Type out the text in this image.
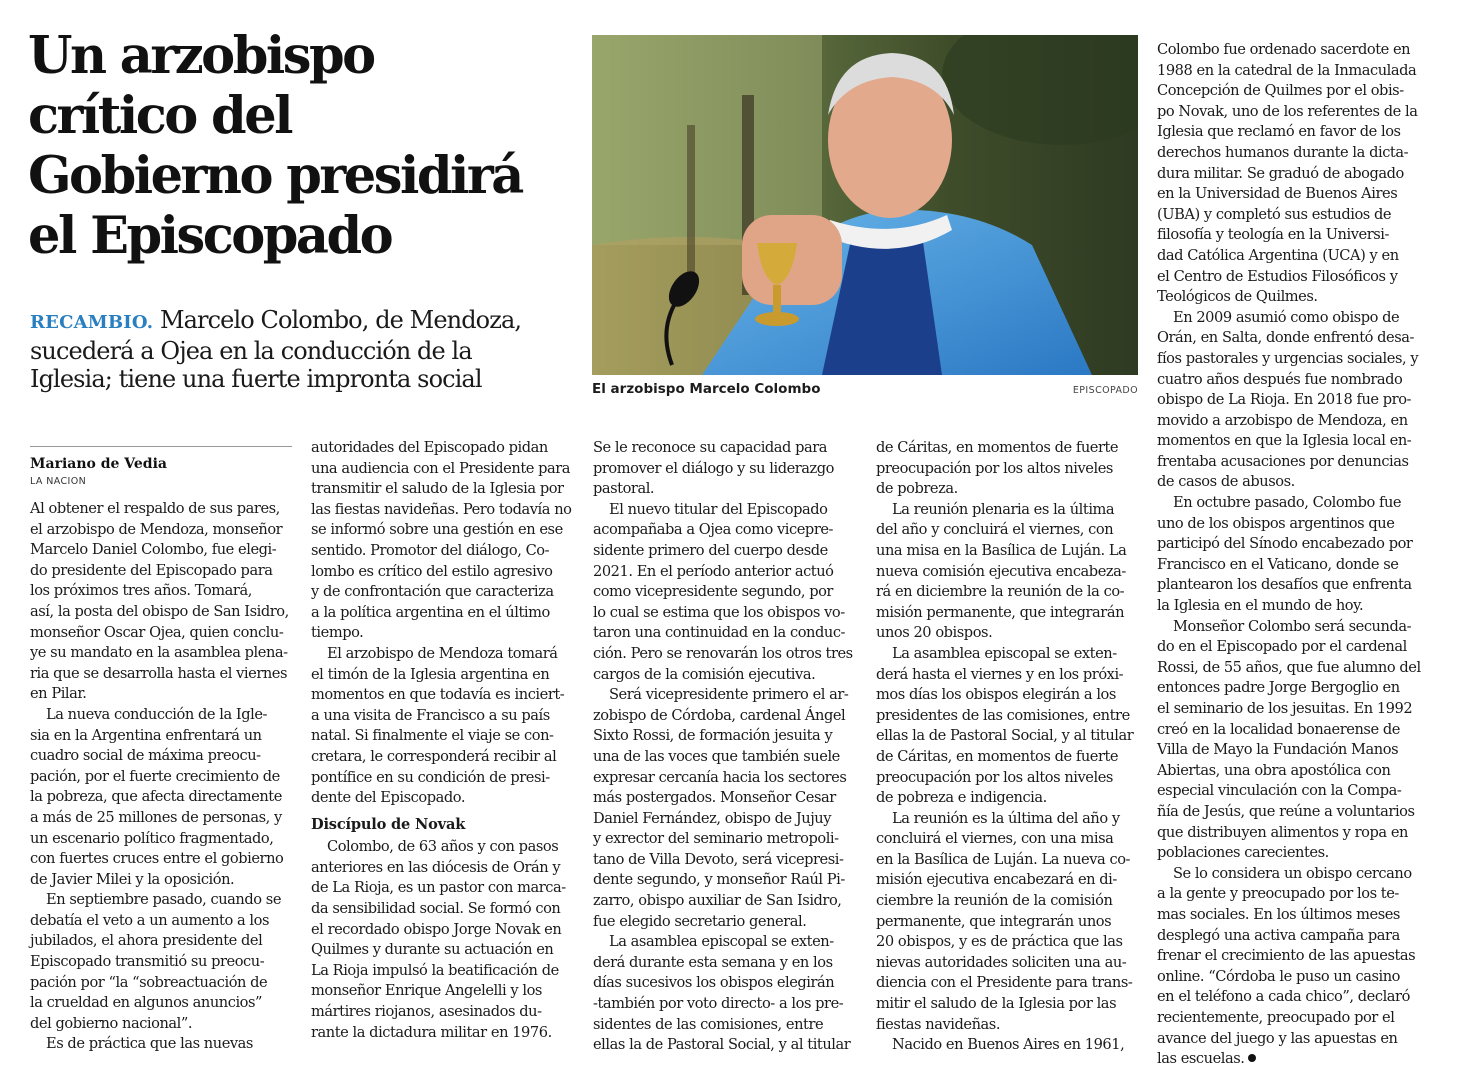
Un arzobispo
crítico del
Gobierno presidirá
el Episcopado
RECAMBIO. Marcelo Colombo, de Mendoza,
sucederá a Ojea en la conducción de la
Iglesia; tiene una fuerte impronta social	El arzobispo Marcelo Colombo	EPISCOPADO
Mariano de Vedia
LA NACION
Al obtener el respaldo de sus pares,
el arzobispo de Mendoza, monseñor
Marcelo Daniel Colombo, fue elegi-
do presidente del Episcopado para
los próximos tres años. Tomará,
así, la posta del obispo de San Isidro,
monseñor Oscar Ojea, quien conclu-
ye su mandato en la asamblea plena-
ria que se desarrolla hasta el viernes
en Pilar.
La nueva conducción de la Igle-
sia en la Argentina enfrentará un
cuadro social de máxima preocu-
pación, por el fuerte crecimiento de
la pobreza, que afecta directamente
a más de 25 millones de personas, y
un escenario político fragmentado,
con fuertes cruces entre el gobierno
de Javier Milei y la oposición.
En septiembre pasado, cuando se
debatía el veto a un aumento a los
jubilados, el ahora presidente del
Episcopado transmitió su preocu-
pación por “la “sobreactuación de
la crueldad en algunos anuncios”
del gobierno nacional”.
Es de práctica que las nuevas
autoridades del Episcopado pidan
una audiencia con el Presidente para
transmitir el saludo de la Iglesia por
las fiestas navideñas. Pero todavía no
se informó sobre una gestión en ese
sentido. Promotor del diálogo, Co-
lombo es crítico del estilo agresivo
y de confrontación que caracteriza
a la política argentina en el último
tiempo.
El arzobispo de Mendoza tomará
el timón de la Iglesia argentina en
momentos en que todavía es inciert-
a una visita de Francisco a su país
natal. Si finalmente el viaje se con-
cretara, le corresponderá recibir al
pontífice en su condición de presi-
dente del Episcopado.
Discípulo de Novak
Colombo, de 63 años y con pasos
anteriores en las diócesis de Orán y
de La Rioja, es un pastor con marca-
da sensibilidad social. Se formó con
el recordado obispo Jorge Novak en
Quilmes y durante su actuación en
La Rioja impulsó la beatificación de
monseñor Enrique Angelelli y los
mártires riojanos, asesinados du-
rante la dictadura militar en 1976.
Se le reconoce su capacidad para
promover el diálogo y su liderazgo
pastoral.
El nuevo titular del Episcopado
acompañaba a Ojea como vicepre-
sidente primero del cuerpo desde
2021. En el período anterior actuó
como vicepresidente segundo, por
lo cual se estima que los obispos vo-
taron una continuidad en la conduc-
ción. Pero se renovarán los otros tres
cargos de la comisión ejecutiva.
Será vicepresidente primero el ar-
zobispo de Córdoba, cardenal Ángel
Sixto Rossi, de formación jesuita y
una de las voces que también suele
expresar cercanía hacia los sectores
más postergados. Monseñor Cesar
Daniel Fernández, obispo de Jujuy
y exrector del seminario metropoli-
tano de Villa Devoto, será vicepresi-
dente segundo, y monseñor Raúl Pi-
zarro, obispo auxiliar de San Isidro,
fue elegido secretario general.
La asamblea episcopal se exten-
derá durante esta semana y en los
días sucesivos los obispos elegirán
-también por voto directo- a los pre-
sidentes de las comisiones, entre
ellas la de Pastoral Social, y al titular
de Cáritas, en momentos de fuerte
preocupación por los altos niveles
de pobreza.
La reunión plenaria es la última
del año y concluirá el viernes, con
una misa en la Basílica de Luján. La
nueva comisión ejecutiva encabeza-
rá en diciembre la reunión de la co-
misión permanente, que integrarán
unos 20 obispos.
La asamblea episcopal se exten-
derá hasta el viernes y en los próxi-
mos días los obispos elegirán a los
presidentes de las comisiones, entre
ellas la de Pastoral Social, y al titular
de Cáritas, en momentos de fuerte
preocupación por los altos niveles
de pobreza e indigencia.
La reunión es la última del año y
concluirá el viernes, con una misa
en la Basílica de Luján. La nueva co-
misión ejecutiva encabezará en di-
ciembre la reunión de la comisión
permanente, que integrarán unos
20 obispos, y es de práctica que las
nievas autoridades soliciten una au-
diencia con el Presidente para trans-
mitir el saludo de la Iglesia por las
fiestas navideñas.
Nacido en Buenos Aires en 1961,
Colombo fue ordenado sacerdote en
1988 en la catedral de la Inmaculada
Concepción de Quilmes por el obis-
po Novak, uno de los referentes de la
Iglesia que reclamó en favor de los
derechos humanos durante la dicta-
dura militar. Se graduó de abogado
en la Universidad de Buenos Aires
(UBA) y completó sus estudios de
filosofía y teología en la Universi-
dad Católica Argentina (UCA) y en
el Centro de Estudios Filosóficos y
Teológicos de Quilmes.
En 2009 asumió como obispo de
Orán, en Salta, donde enfrentó desa-
fíos pastorales y urgencias sociales, y
cuatro años después fue nombrado
obispo de La Rioja. En 2018 fue pro-
movido a arzobispo de Mendoza, en
momentos en que la Iglesia local en-
frentaba acusaciones por denuncias
de casos de abusos.
En octubre pasado, Colombo fue
uno de los obispos argentinos que
participó del Sínodo encabezado por
Francisco en el Vaticano, donde se
plantearon los desafíos que enfrenta
la Iglesia en el mundo de hoy.
Monseñor Colombo será secunda-
do en el Episcopado por el cardenal
Rossi, de 55 años, que fue alumno del
entonces padre Jorge Bergoglio en
el seminario de los jesuitas. En 1992
creó en la localidad bonaerense de
Villa de Mayo la Fundación Manos
Abiertas, una obra apostólica con
especial vinculación con la Compa-
ñía de Jesús, que reúne a voluntarios
que distribuyen alimentos y ropa en
poblaciones carecientes.
Se lo considera un obispo cercano
a la gente y preocupado por los te-
mas sociales. En los últimos meses
desplegó una activa campaña para
frenar el crecimiento de las apuestas
online. “Córdoba le puso un casino
en el teléfono a cada chico”, declaró
recientemente, preocupado por el
avance del juego y las apuestas en
las escuelas.
